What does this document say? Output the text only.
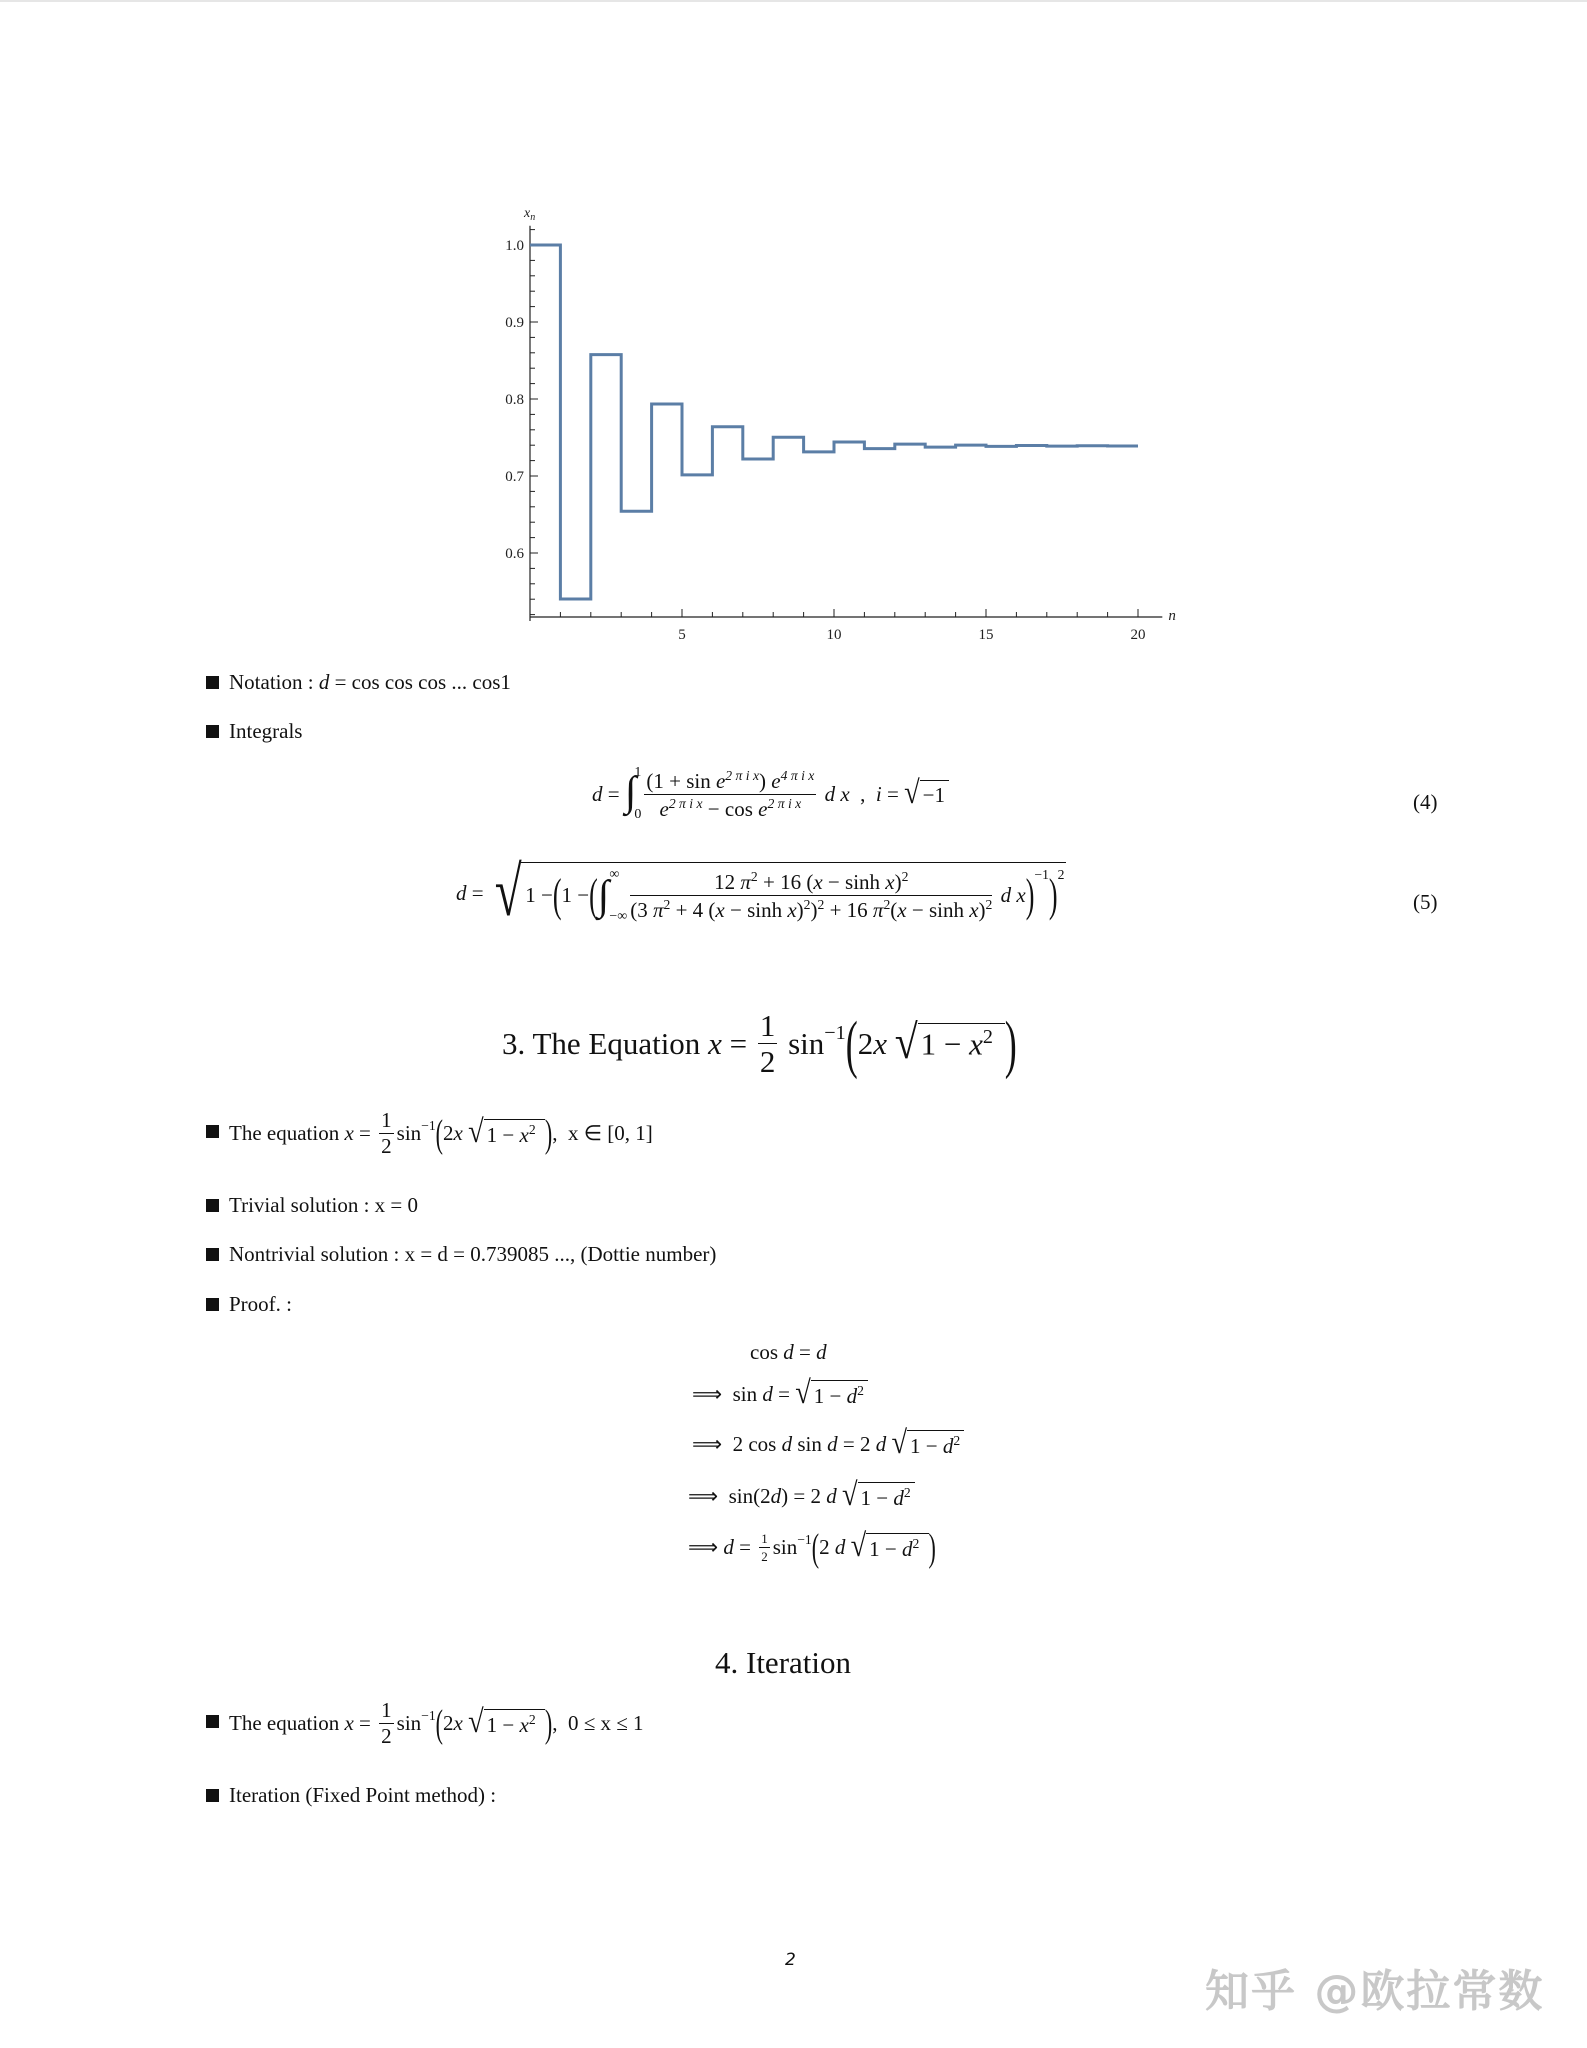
5	10	15	20
0.6
0.7
0.8
0.9
1.0
$x_n$
n
Notation : d = cos cos cos ... cos1
Integrals
d = ∫
1
$0 \frac{(1 + \sin e^{2 \pi i x}) e^{4 \pi i x}}{e^{2 \pi i x} - \cos e^{2 \pi i x}}$
d x , i = √ −1	(4)
d = √ 1 − ( 1 − ( ∫ ∞
−∞ $\frac{12 \pi^2 + 16 (x - \sinh x)^2}{(3 \pi^2 + 4 (x - \sinh x)^2)^2 + 16 \pi^2(x - \sinh x)^2}$
d x )$^{-1}$ )$^2$
(5)
3. The Equation $x = \frac{1}{2} \sin^{-1}$ ( 2 x
√ $1 - x^2$ )
The equation $x = \frac{1}{2} \sin^{-1}$ ( 2 x
√ $1 - x^2$ ) ,  x ∈ [0, 1]
Trivial solution : x = 0
Nontrivial solution : x = d = 0.739085 ..., (Dottie number)
Proof. :
cos d = d
⟹  sin d = √ $1 - d^2$
⟹  2 cos d sin d = 2 d √ $1 - d^2$
⟹  sin(2 d ) = 2 d √ $1 - d^2$
⟹ $d = \frac{1}{2} \sin^{-1}$ ( 2 d √ $1 - d^2$ )
4. Iteration
The equation $x = \frac{1}{2} \sin^{-1}$ ( 2 x
√ $1 - x^2$ ) ,  0 ≤ x ≤ 1
Iteration (Fixed Point method) :
2
知乎 @欧拉常数
